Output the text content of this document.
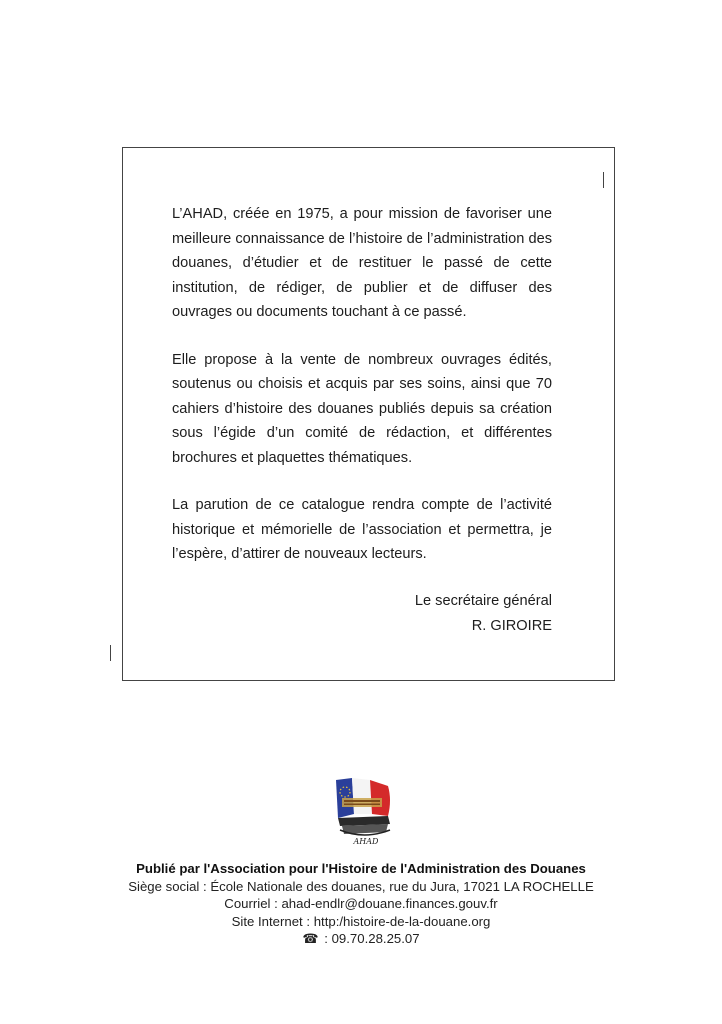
L’AHAD, créée en 1975, a pour mission de favoriser une meilleure connaissance de l’histoire de l’administration des douanes, d’étudier et de restituer le passé de cette institution, de rédiger, de publier et de diffuser des ouvrages ou documents touchant à ce passé.

Elle propose à la vente de nombreux ouvrages édités, soutenus ou choisis et acquis par ses soins, ainsi que 70 cahiers d’histoire des douanes publiés depuis sa création sous l’égide d’un comité de rédaction, et différentes brochures et plaquettes thématiques.

La parution de ce catalogue rendra compte de l’activité historique et mémorielle de l’association et permettra, je l’espère, d’attirer de nouveaux lecteurs.

Le secrétaire général
R. GIROIRE
AHAD
Publié par l'Association pour l'Histoire de l'Administration des Douanes
Siège social : École Nationale des douanes, rue du Jura, 17021 LA ROCHELLE
Courriel : ahad-endlr@douane.finances.gouv.fr
Site Internet : http:/histoire-de-la-douane.org
☎ : 09.70.28.25.07
